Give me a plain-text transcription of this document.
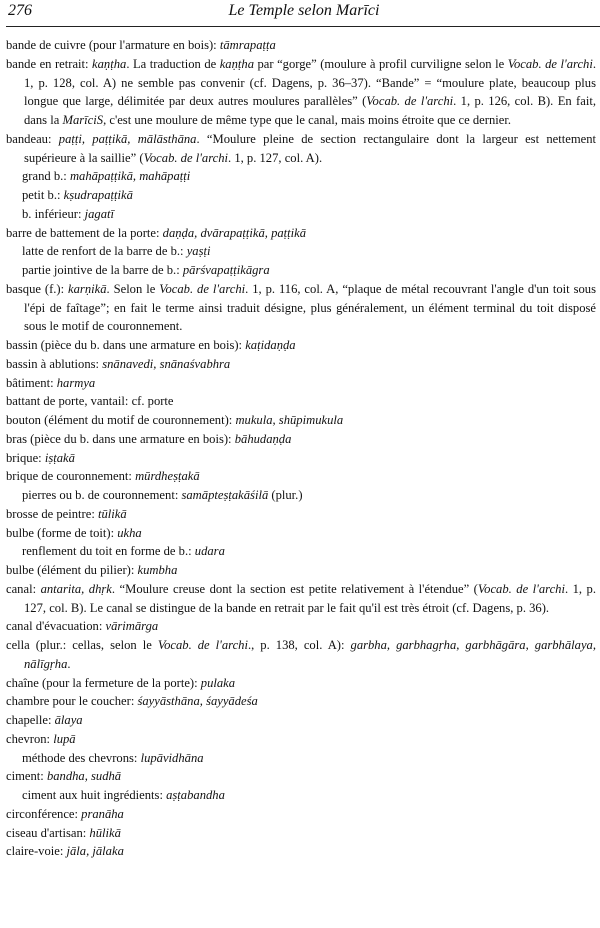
276	Le Temple selon Marīci

bande de cuivre (pour l'armature en bois): tāmrapaṭṭa

bande en retrait: kaṇṭha. La traduction de kaṇṭha par “gorge” (moulure à profil curviligne selon le Vocab. de l'archi. 1, p. 128, col. A) ne semble pas convenir (cf. Dagens, p. 36–37). “Bande” = “moulure plate, beaucoup plus longue que large, délimitée par deux autres moulures parallèles” (Vocab. de l'archi. 1, p. 126, col. B). En fait, dans la MarīciS, c'est une moulure de même type que le canal, mais moins étroite que ce dernier.

bandeau: paṭṭi, paṭṭikā, mālāsthāna. “Moulure pleine de section rectangulaire dont la largeur est nettement supérieure à la saillie” (Vocab. de l'archi. 1, p. 127, col. A).

grand b.: mahāpaṭṭikā, mahāpaṭṭi

petit b.: kṣudrapaṭṭikā

b. inférieur: jagatī

barre de battement de la porte: daṇḍa, dvārapaṭṭikā, paṭṭikā

latte de renfort de la barre de b.: yaṣṭi

partie jointive de la barre de b.: pārśvapaṭṭikāgra

basque (f.): karṇikā. Selon le Vocab. de l'archi. 1, p. 116, col. A, “plaque de métal recouvrant l'angle d'un toit sous l'épi de faîtage”; en fait le terme ainsi traduit désigne, plus généralement, un élément terminal du toit disposé sous le motif de couronnement.

bassin (pièce du b. dans une armature en bois): kaṭidaṇḍa

bassin à ablutions: snānavedi, snānaśvabhra

bâtiment: harmya

battant de porte, vantail: cf. porte

bouton (élément du motif de couronnement): mukula, shūpimukula

bras (pièce du b. dans une armature en bois): bāhudaṇḍa

brique: iṣṭakā

brique de couronnement: mūrdheṣṭakā

pierres ou b. de couronnement: samāpteṣṭakāśilā (plur.)

brosse de peintre: tūlikā

bulbe (forme de toit): ukha

renflement du toit en forme de b.: udara

bulbe (élément du pilier): kumbha

canal: antarita, dhṛk. “Moulure creuse dont la section est petite relativement à l'étendue” (Vocab. de l'archi. 1, p. 127, col. B). Le canal se distingue de la bande en retrait par le fait qu'il est très étroit (cf. Dagens, p. 36).

canal d'évacuation: vārimārga

cella (plur.: cellas, selon le Vocab. de l'archi., p. 138, col. A): garbha, garbhagṛha, garbhāgāra, garbhālaya, nālīgṛha.

chaîne (pour la fermeture de la porte): pulaka

chambre pour le coucher: śayyāsthāna, śayyādeśa

chapelle: ālaya

chevron: lupā

méthode des chevrons: lupāvidhāna

ciment: bandha, sudhā

ciment aux huit ingrédients: aṣṭabandha

circonférence: pranāha

ciseau d'artisan: hūlikā

claire-voie: jāla, jālaka
